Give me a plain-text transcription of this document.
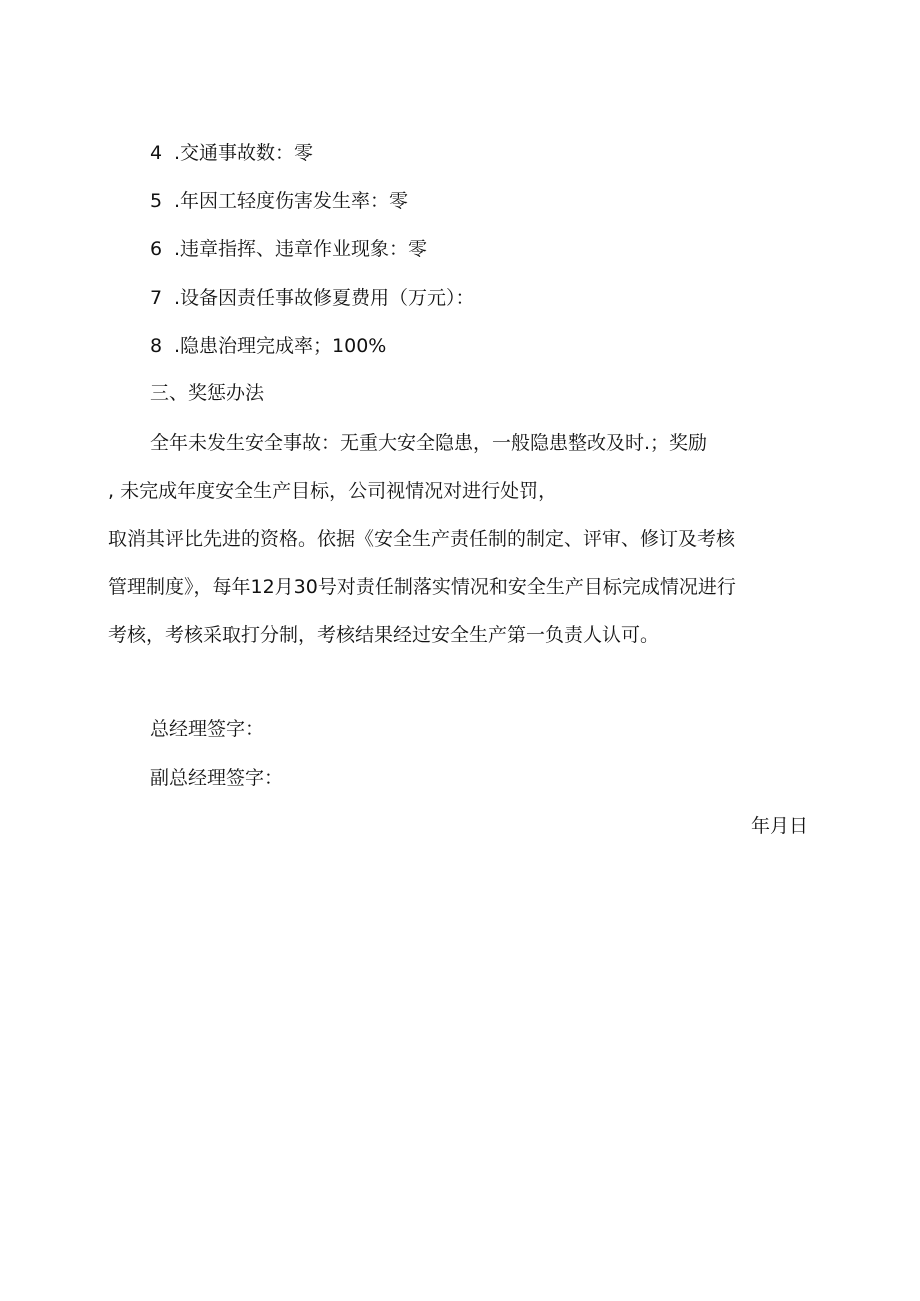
4 .交通事故数：零
5 .年因工轻度伤害发生率：零
6 .违章指挥、违章作业现象：零
7 .设备因责任事故修夏费用（万元）：
8 .隐患治理完成率；100%
三、奖惩办法
全年未发生安全事故：无重大安全隐患，一般隐患整改及时.；奖励
, 未完成年度安全生产目标，公司视情况对进行处罚，
取消其评比先进的资格。依据《安全生产责任制的制定、评审、修订及考核
管理制度》，每年12月30号对责任制落实情况和安全生产目标完成情况进行
考核，考核采取打分制，考核结果经过安全生产第一负责人认可。
总经理签字：
副总经理签字：
年月日
